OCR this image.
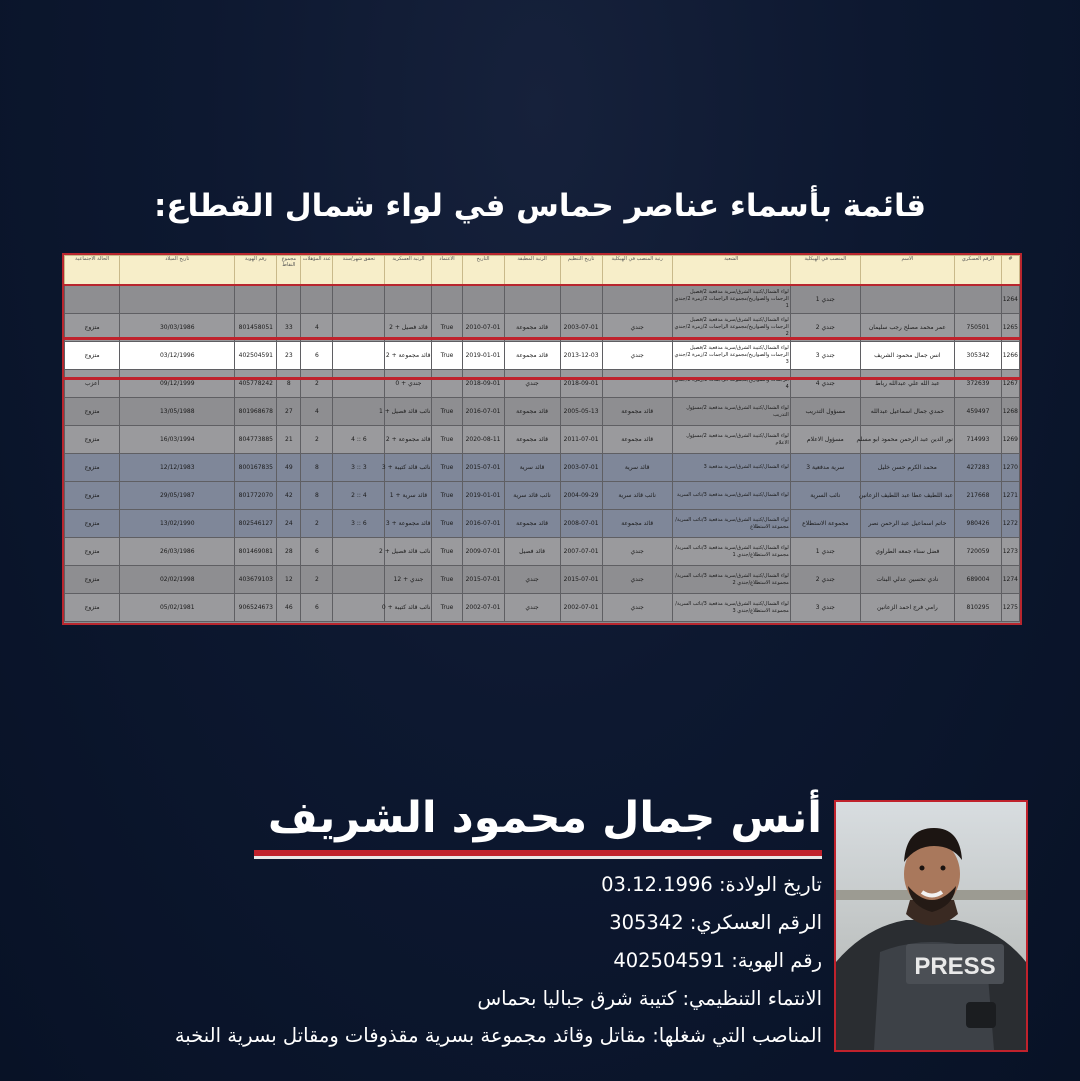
قائمة بأسماء عناصر حماس في لواء شمال القطاع:
#	الرقم العسكري	الاسم	المنصب في الهيكلية	الشعبة	رتبة المنصب في الهيكلية	تاريخ التنظيم	الرتبة المطبقة	التاريخ	الاعتماد	الرتبة العسكرية	تحقق شهر/سنة	عدد المؤهلات	مجموع النقاط	رقم الهوية	تاريخ الميلاد	الحالة الاجتماعية
1264			جندي 1	لواء الشمال/كتيبة الشرق/سرية مدفعية 2/فصيل الرجمات والصواريخ/مجموعة الراجمات 2/زمرة 2/جندي 1												
1265	750501	عمر محمد مصلح رجب سليمان	جندي 2	لواء الشمال/كتيبة الشرق/سرية مدفعية 2/فصيل الرجمات والصواريخ/مجموعة الراجمات 2/زمرة 2/جندي 2	جندي	2003-07-01	قائد مجموعة	2010-07-01	True	قائد فصيل + 2		4	33	801458051	30/03/1986	متزوج
1266	305342	انس جمال محمود الشريف	جندي 3	لواء الشمال/كتيبة الشرق/سرية مدفعية 2/فصيل الرجمات والصواريخ/مجموعة الراجمات 2/زمرة 2/جندي 3	جندي	2013-12-03	قائد مجموعة	2019-01-01	True	قائد مجموعة + 2		6	23	402504591	03/12/1996	متزوج
1267	372639	عبد الله علي عبدالله رباط	جندي 4	الرجمات والصواريخ/مجموعة الراجمات 2/زمرة 2/جندي 4		2018-09-01	جندي	2018-09-01		جندي + 0		2	8	405778242	09/12/1999	أعزب
1268	459497	حمدي جمال اسماعيل عبدالله	مسؤول التدريب	لواء الشمال/كتيبة الشرق/سرية مدفعية 2/مسؤول التدريب	قائد مجموعة	2005-05-13	قائد مجموعة	2016-07-01	True	نائب قائد فصيل + 1		4	27	801968678	13/05/1988	متزوج
1269	714993	نور الدين عبد الرحمن محمود ابو مسلم	مسؤول الاعلام	لواء الشمال/كتيبة الشرق/سرية مدفعية 2/مسؤول الاعلام	قائد مجموعة	2011-07-01	قائد مجموعة	2020-08-11	True	قائد مجموعة + 2	6 :: 4	2	21	804773885	16/03/1994	متزوج
1270	427283	محمد الكرم حسن خليل	سرية مدفعية 3	لواء الشمال/كتيبة الشرق/سرية مدفعية 3	قائد سرية	2003-07-01	قائد سرية	2015-07-01	True	نائب قائد كتيبة + 3	3 :: 3	8	49	800167835	12/12/1983	متزوج
1271	217668	عبد اللطيف عطا عبد اللطيف الزعانين	نائب السرية	لواء الشمال/كتيبة الشرق/سرية مدفعية 3/نائب السرية	نائب قائد سرية	2004-09-29	نائب قائد سرية	2019-01-01	True	قائد سرية + 1	4 :: 2	8	42	801772070	29/05/1987	متزوج
1272	980426	حاتم اسماعيل عبد الرحمن نصر	مجموعة الاستطلاع	لواء الشمال/كتيبة الشرق/سرية مدفعية 3/نائب السرية/مجموعة الاستطلاع	قائد مجموعة	2008-07-01	قائد مجموعة	2016-07-01	True	قائد مجموعة + 3	6 :: 3	2	24	802546127	13/02/1990	متزوج
1273	720059	فضل سناء جمعه الطراوي	جندي 1	لواء الشمال/كتيبة الشرق/سرية مدفعية 3/نائب السرية/مجموعة الاستطلاع/جندي 1	جندي	2007-07-01	قائد فصيل	2009-07-01	True	نائب قائد فصيل + 2		6	28	801469081	26/03/1986	متزوج
1274	689004	نادي تحسين عدلي البنات	جندي 2	لواء الشمال/كتيبة الشرق/سرية مدفعية 3/نائب السرية/مجموعة الاستطلاع/جندي 2	جندي	2015-07-01	جندي	2015-07-01	True	جندي + 12		2	12	403679103	02/02/1998	متزوج
1275	810295	رامي فرج احمد الزعانين	جندي 3	لواء الشمال/كتيبة الشرق/سرية مدفعية 3/نائب السرية/مجموعة الاستطلاع/جندي 3	جندي	2002-07-01	جندي	2002-07-01	True	نائب قائد كتيبة + 0		6	46	906524673	05/02/1981	متزوج
أنس جمال محمود الشريف

تاريخ الولادة: 03.12.1996

الرقم العسكري: 305342

رقم الهوية: 402504591

الانتماء التنظيمي: كتيبة شرق جباليا بحماس

المناصب التي شغلها: مقاتل وقائد مجموعة بسرية مقذوفات ومقاتل بسرية النخبة

PRESS
